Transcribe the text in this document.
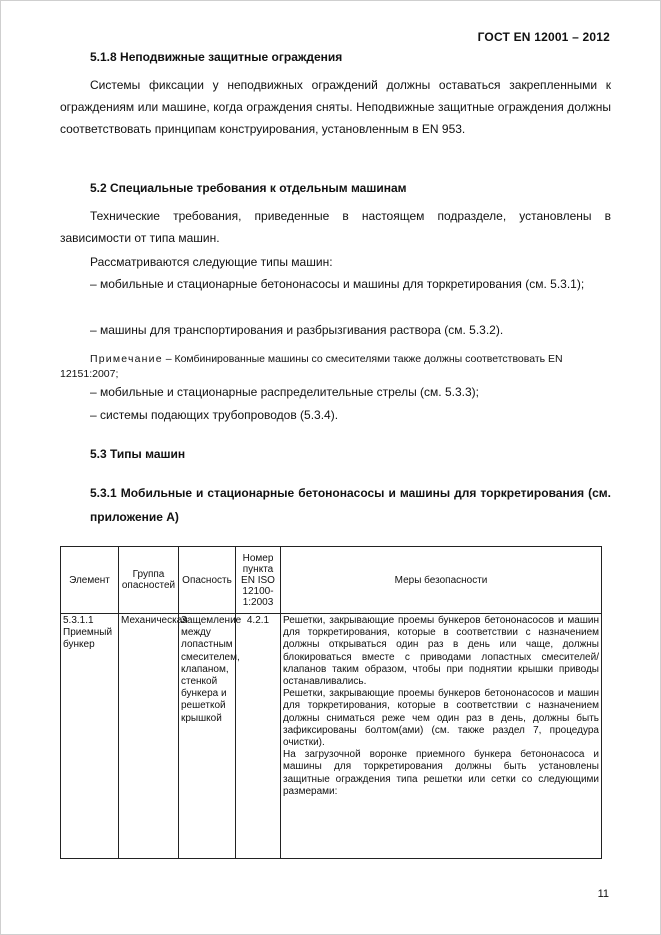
ГОСТ EN 12001 – 2012
5.1.8 Неподвижные защитные ограждения
Системы фиксации у неподвижных ограждений должны оставаться закрепленными к ограждениям или машине, когда ограждения сняты. Неподвижные защитные ограждения должны соответствовать принципам конструирования, установленным в EN 953.
5.2 Специальные требования к отдельным машинам
Технические требования, приведенные в настоящем подразделе, установлены в зависимости от типа машин.
Рассматриваются следующие типы машин:
– мобильные и стационарные бетононасосы и машины для торкретирования (см. 5.3.1);
– машины для транспортирования и разбрызгивания раствора (см. 5.3.2).
Примечание – Комбинированные машины со смесителями также должны соответствовать EN 12151:2007;
– мобильные и стационарные распределительные стрелы (см. 5.3.3);
– системы подающих трубопроводов (5.3.4).
5.3 Типы машин
5.3.1 Мобильные и стационарные бетононасосы и машины для торкретирования (см. приложение А)
Элемент	Группа опасностей	Опасность	Номер пункта EN ISO 12100-1:2003	Меры безопасности
5.3.1.1 Приемный бункер	Механическая	Защемление между лопастным смесителем, клапаном, стенкой бункера и решеткой крышкой	4.2.1	Решетки, закрывающие проемы бункеров бетононасосов и машин для торкретирования, которые в соответствии с назначением должны открываться один раз в день или чаще, должны блокироваться вместе с приводами лопастных смесителей/клапанов таким образом, чтобы при поднятии крышки приводы останавливались.
Решетки, закрывающие проемы бункеров бетононасосов и машин для торкретирования, которые в соответствии с назначением должны сниматься реже чем один раз в день, должны быть зафиксированы болтом(ами) (см. также раздел 7, процедура очистки).
На загрузочной воронке приемного бункера бетононасоса и машины для торкретирования должны быть установлены защитные ограждения типа решетки или сетки со следующими размерами:
11
